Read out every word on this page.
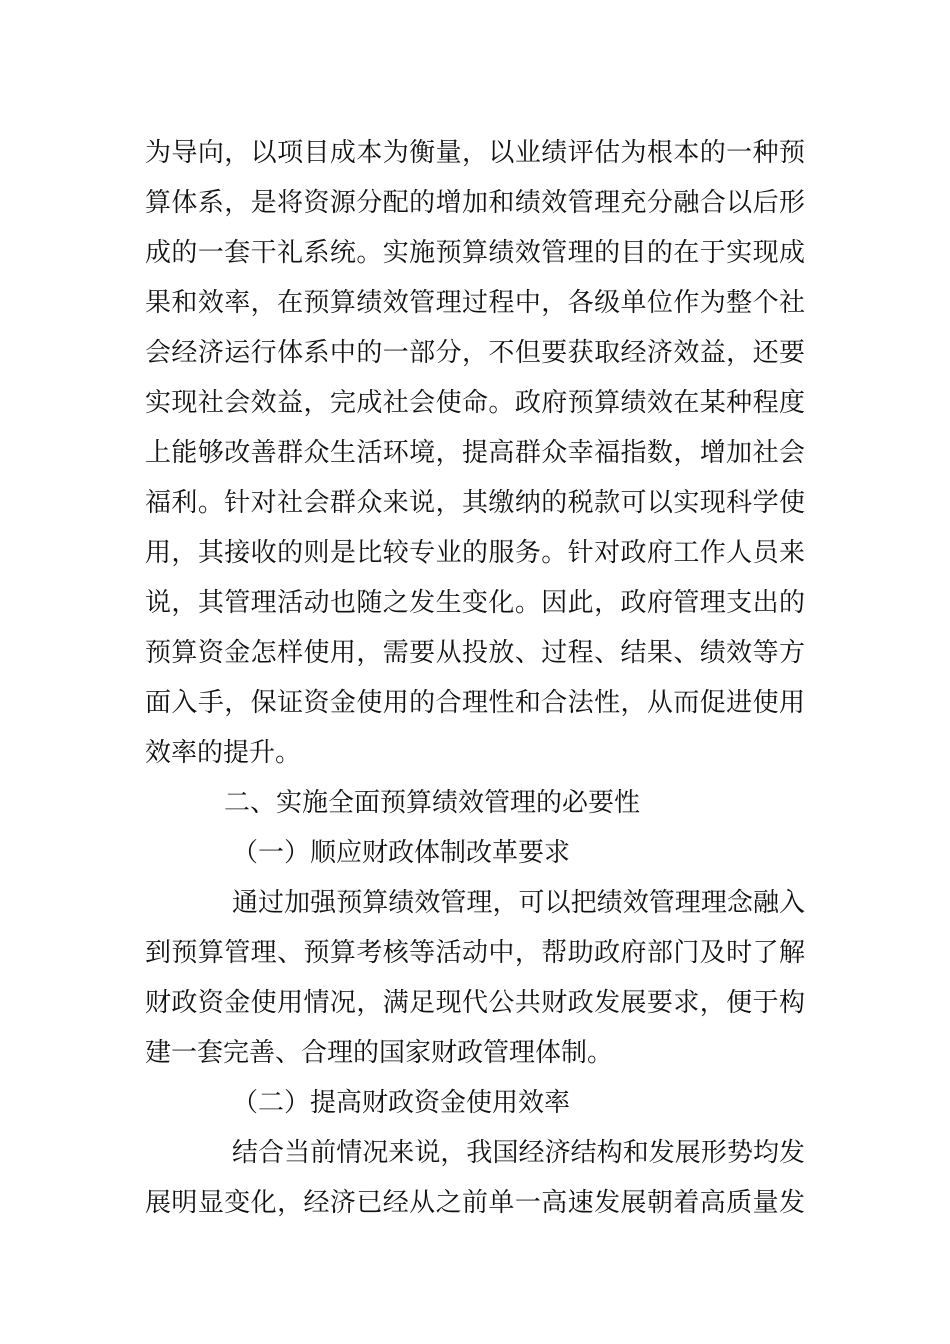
为导向，以项目成本为衡量，以业绩评估为根本的一种预
算体系，是将资源分配的增加和绩效管理充分融合以后形
成的一套干礼系统。实施预算绩效管理的目的在于实现成
果和效率，在预算绩效管理过程中，各级单位作为整个社
会经济运行体系中的一部分，不但要获取经济效益，还要
实现社会效益，完成社会使命。政府预算绩效在某种程度
上能够改善群众生活环境，提高群众幸福指数，增加社会
福利。针对社会群众来说，其缴纳的税款可以实现科学使
用，其接收的则是比较专业的服务。针对政府工作人员来
说，其管理活动也随之发生变化。因此，政府管理支出的
预算资金怎样使用，需要从投放、过程、结果、绩效等方
面入手，保证资金使用的合理性和合法性，从而促进使用
效率的提升。
二、实施全面预算绩效管理的必要性
（一）顺应财政体制改革要求
通过加强预算绩效管理，可以把绩效管理理念融入
到预算管理、预算考核等活动中，帮助政府部门及时了解
财政资金使用情况，满足现代公共财政发展要求，便于构
建一套完善、合理的国家财政管理体制。
（二）提高财政资金使用效率
结合当前情况来说，我国经济结构和发展形势均发
展明显变化，经济已经从之前单一高速发展朝着高质量发
